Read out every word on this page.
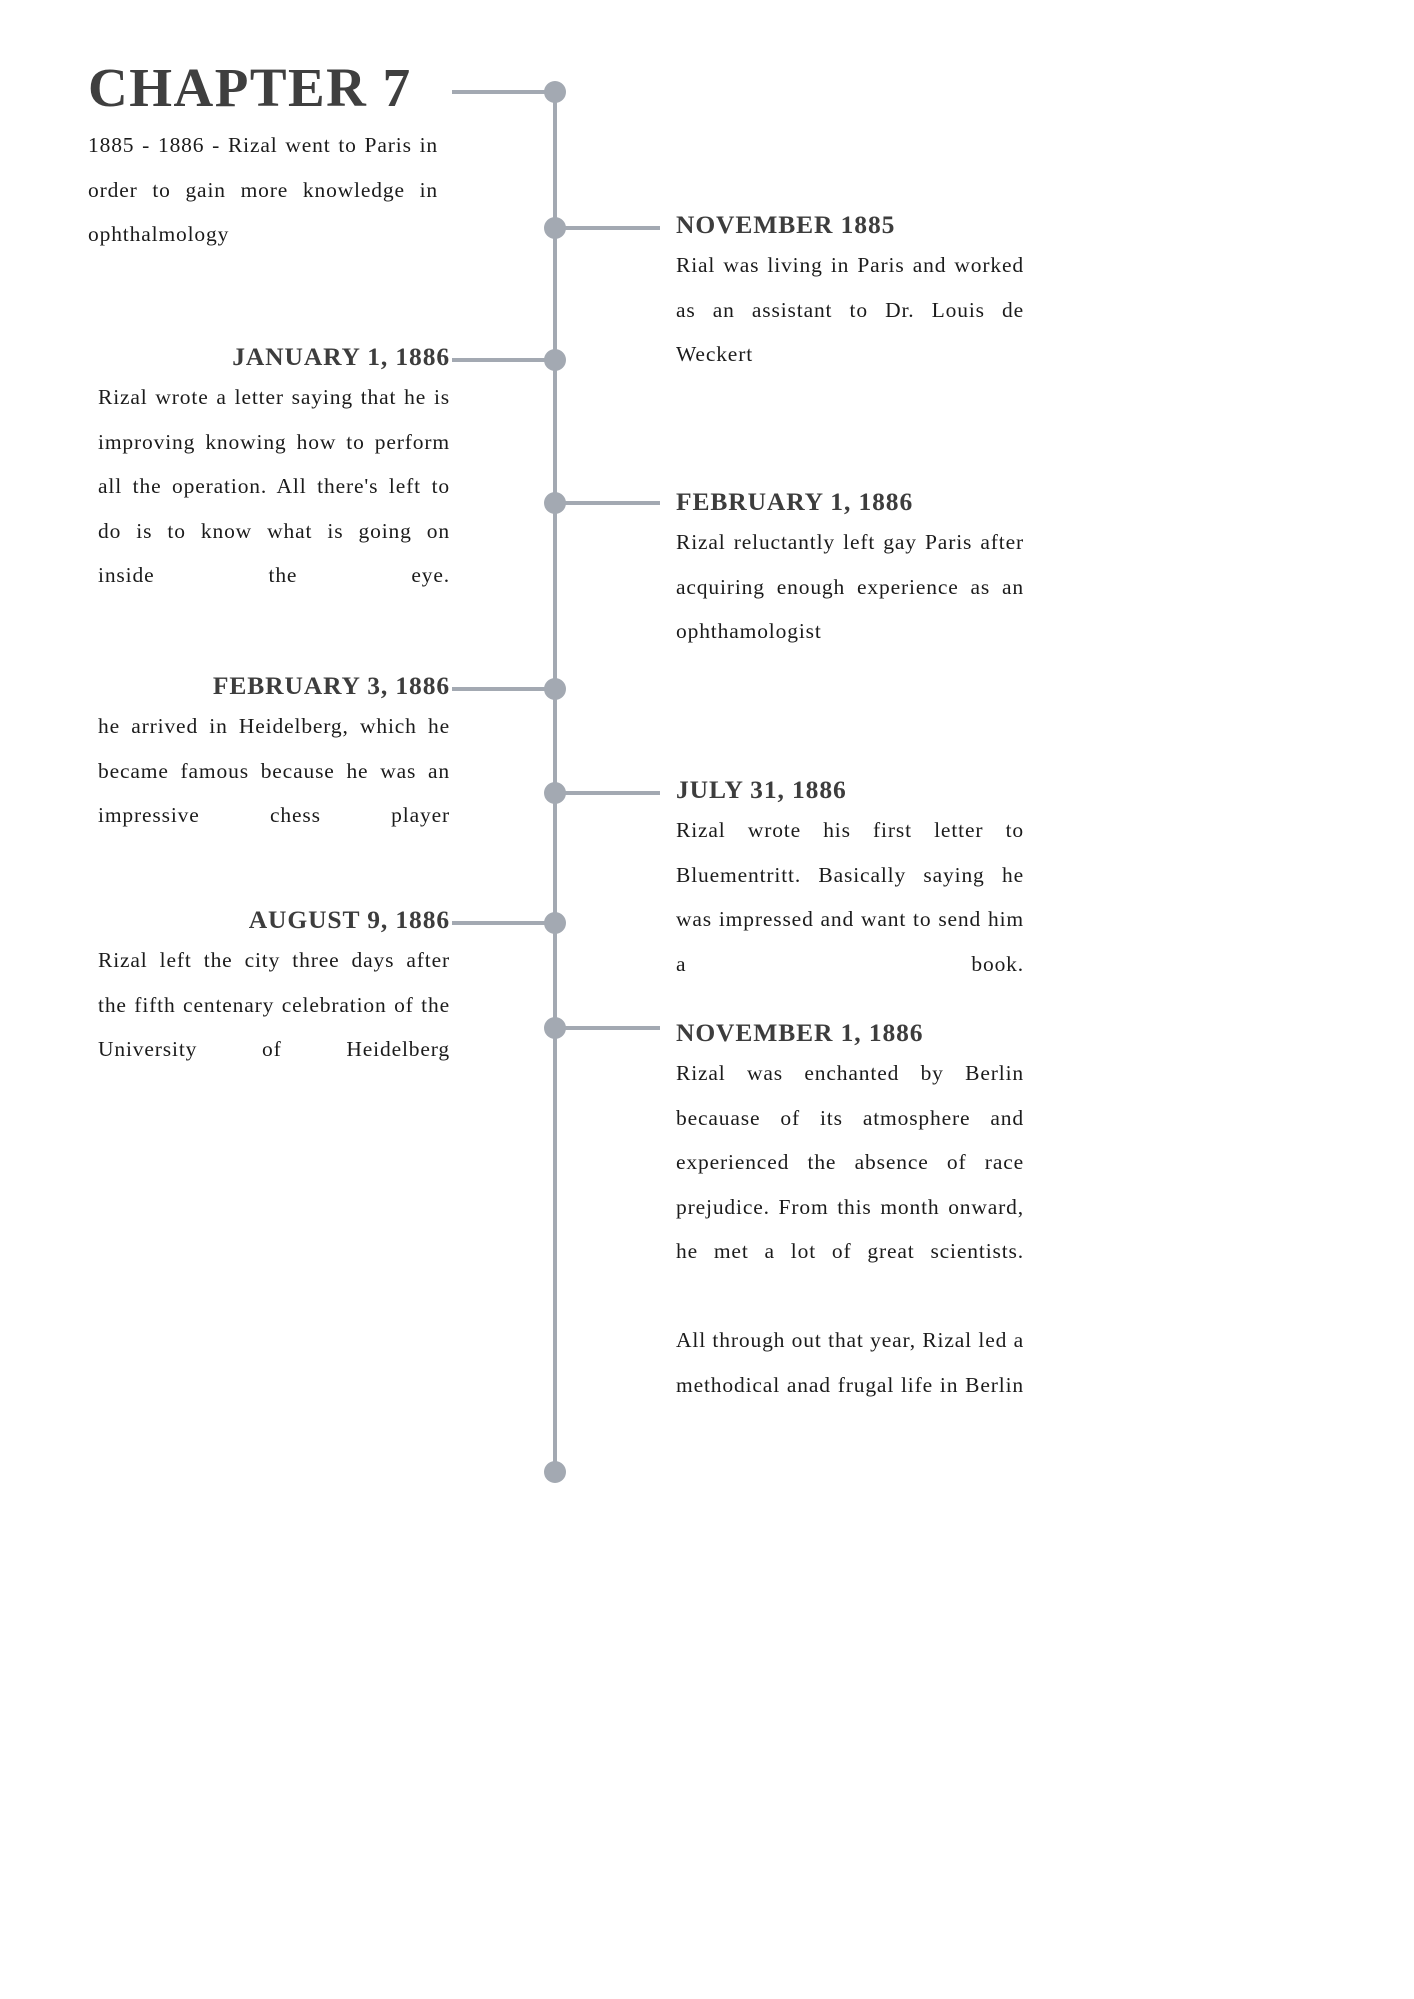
CHAPTER 7

1885 - 1886 - Rizal went to Paris in order to gain more knowledge in ophthalmology

JANUARY 1, 1886

Rizal wrote a letter saying that he is improving knowing how to perform all the operation. All there's left to do is to know what is going on inside the eye.

FEBRUARY 3, 1886

he arrived in Heidelberg, which he became famous because he was an impressive chess player

AUGUST 9, 1886

Rizal left the city three days after the fifth centenary celebration of the University of Heidelberg

NOVEMBER 1885

Rial was living in Paris and worked as an assistant to Dr. Louis de Weckert

FEBRUARY 1, 1886

Rizal reluctantly left gay Paris after acquiring enough experience as an ophthamologist

JULY 31, 1886

Rizal wrote his first letter to Bluementritt. Basically saying he was impressed and want to send him a book.

NOVEMBER 1, 1886

Rizal was enchanted by Berlin becauase of its atmosphere and experienced the absence of race prejudice. From this month onward, he met a lot of great scientists.

All through out that year, Rizal led a methodical anad frugal life in Berlin
